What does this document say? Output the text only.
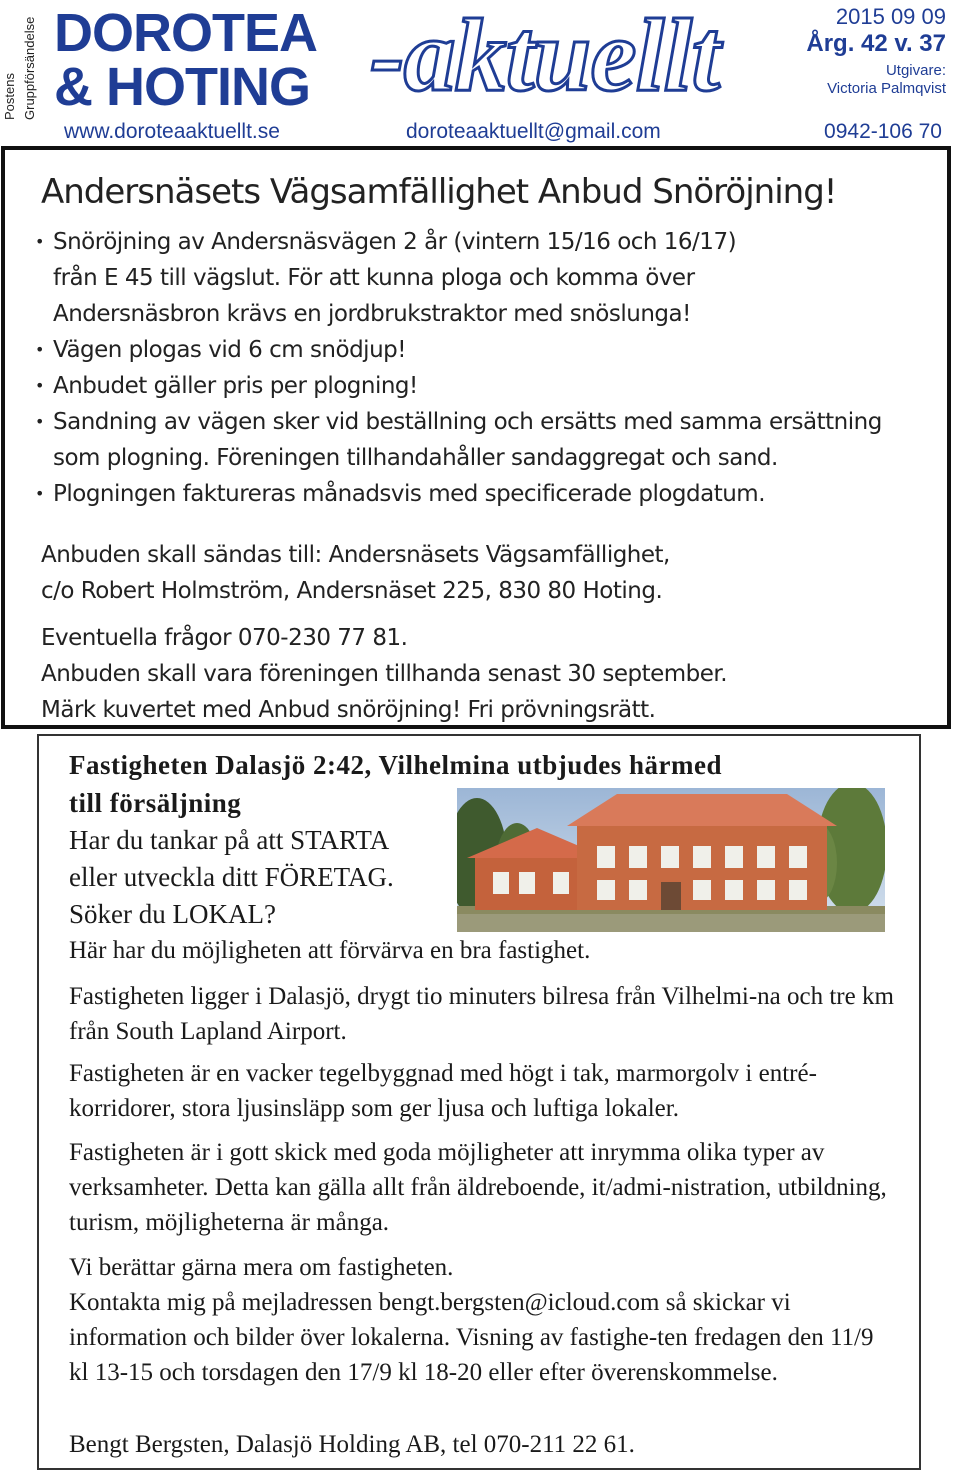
Postens Gruppförsändelse DOROTEA
& HOTING -aktuellt	2015 09 09
Årg. 42 v. 37
Utgivare:
Victoria Palmqvist
www.doroteaaktuellt.se	doroteaaktuellt@gmail.com	0942-106 70
Andersnäsets Vägsamfällighet Anbud Snöröjning!
• Snöröjning av Andersnäsvägen 2 år (vintern 15/16 och 16/17)
från E 45 till vägslut. För att kunna ploga och komma över
Andersnäsbron krävs en jordbrukstraktor med snöslunga!
• Vägen plogas vid 6 cm snödjup!
• Anbudet gäller pris per plogning!
• Sandning av vägen sker vid beställning och ersätts med samma ersättning
som plogning. Föreningen tillhandahåller sandaggregat och sand.
• Plogningen faktureras månadsvis med specificerade plogdatum.
Anbuden skall sändas till: Andersnäsets Vägsamfällighet,
c/o Robert Holmström, Andersnäset 225, 830 80 Hoting.
Eventuella frågor 070-230 77 81.
Anbuden skall vara föreningen tillhanda senast 30 september.
Märk kuvertet med Anbud snöröjning! Fri prövningsrätt.
Fastigheten Dalasjö 2:42, Vilhelmina utbjudes härmed
till försäljning
Har du tankar på att STARTA
eller utveckla ditt FÖRETAG.
Söker du LOKAL?
Här har du möjligheten att förvärva en bra fastighet.
Fastigheten ligger i Dalasjö, drygt tio minuters bilresa från Vilhelmi-na och tre km från South Lapland Airport.
Fastigheten är en vacker tegelbyggnad med högt i tak, marmorgolv i entré-korridorer, stora ljusinsläpp som ger ljusa och luftiga lokaler.
Fastigheten är i gott skick med goda möjligheter att inrymma olika typer av verksamheter. Detta kan gälla allt från äldreboende, it/admi-nistration, utbildning, turism, möjligheterna är många.
Vi berättar gärna mera om fastigheten.
Kontakta mig på mejladressen bengt.bergsten@icloud.com så skickar vi information och bilder över lokalerna. Visning av fastighe-ten fredagen den 11/9 kl 13-15 och torsdagen den 17/9 kl 18-20 eller efter överenskommelse.
Bengt Bergsten, Dalasjö Holding AB, tel 070-211 22 61.
